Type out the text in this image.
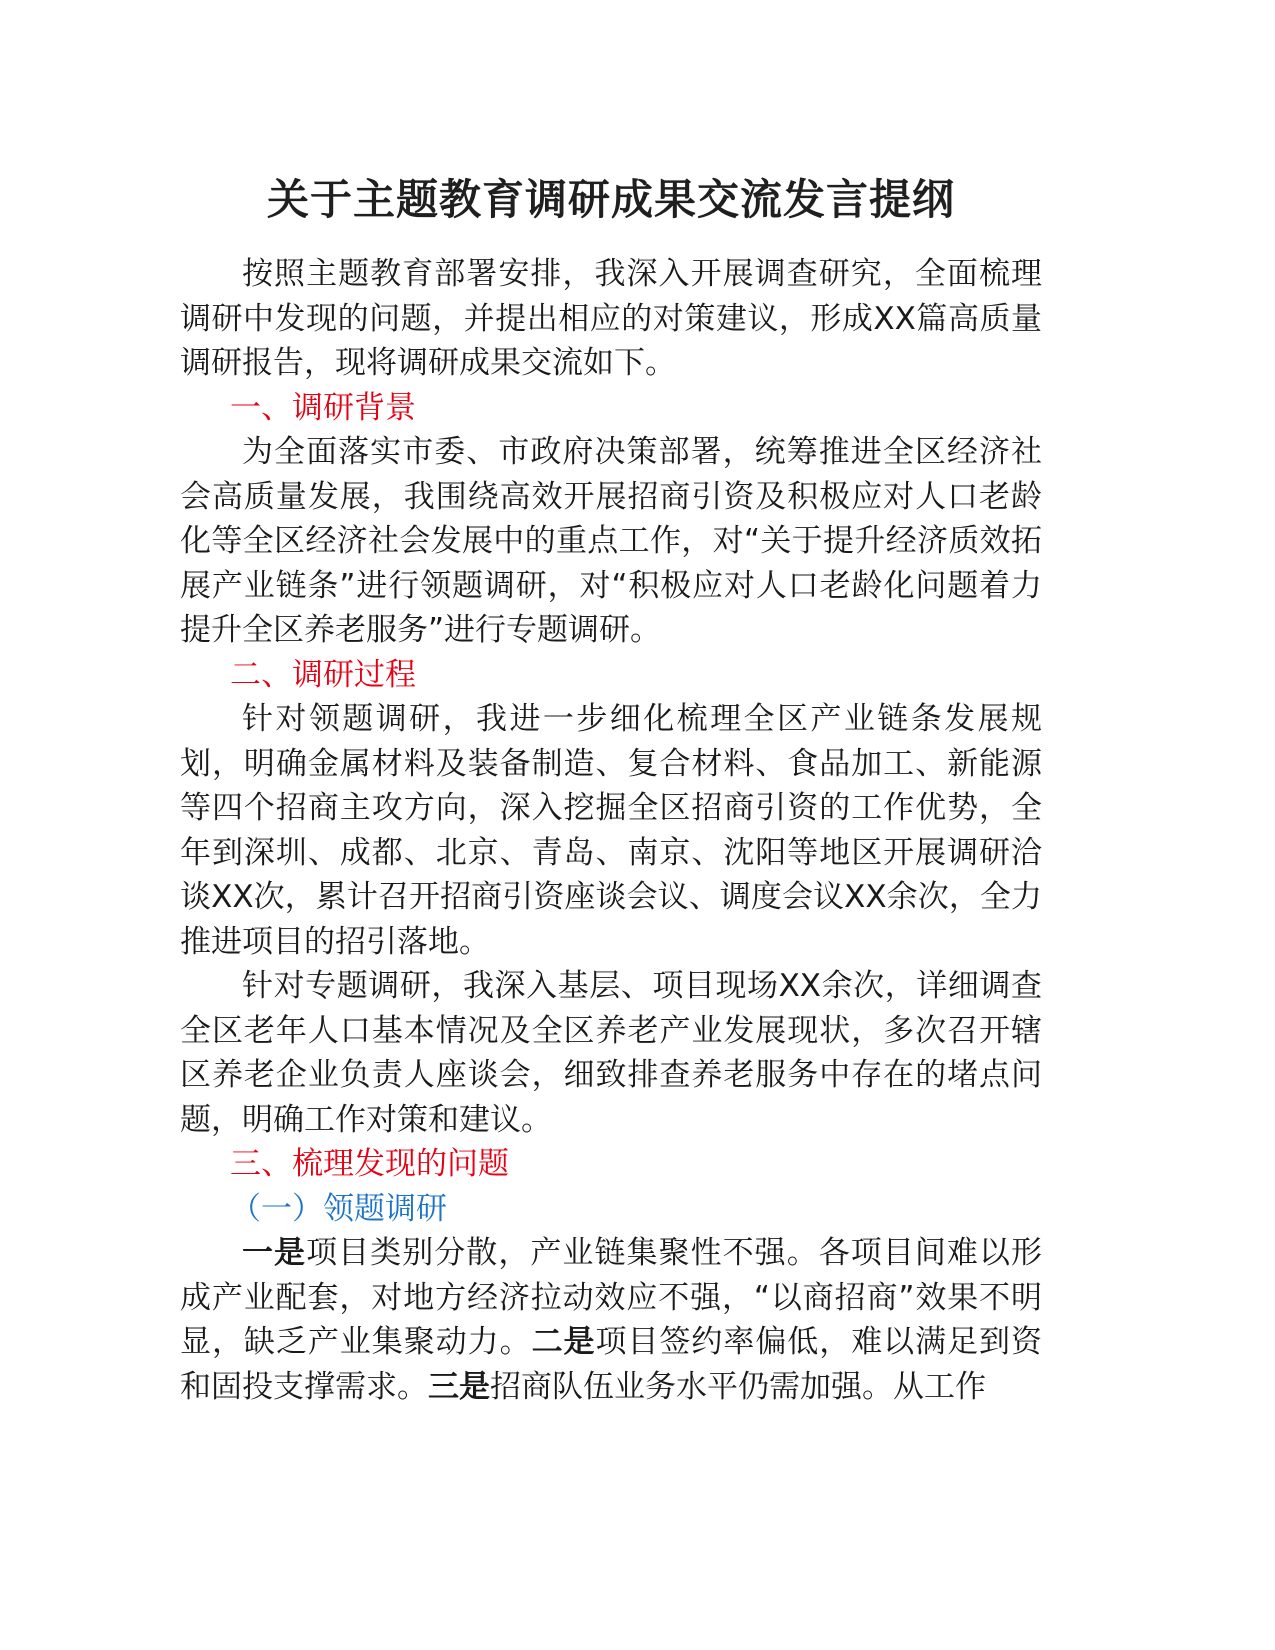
关于主题教育调研成果交流发言提纲

按照主题教育部署安排，我深入开展调查研究，全面梳理调研中发现的问题，并提出相应的对策建议，形成XX篇高质量调研报告，现将调研成果交流如下。

一、调研背景

为全面落实市委、市政府决策部署，统筹推进全区经济社会高质量发展，我围绕高效开展招商引资及积极应对人口老龄化等全区经济社会发展中的重点工作，对“关于提升经济质效拓展产业链条”进行领题调研，对“积极应对人口老龄化问题着力提升全区养老服务”进行专题调研。

二、调研过程

针对领题调研，我进一步细化梳理全区产业链条发展规划，明确金属材料及装备制造、复合材料、食品加工、新能源等四个招商主攻方向，深入挖掘全区招商引资的工作优势，全年到深圳、成都、北京、青岛、南京、沈阳等地区开展调研洽谈XX次，累计召开招商引资座谈会议、调度会议XX余次，全力推进项目的招引落地。

针对专题调研，我深入基层、项目现场XX余次，详细调查全区老年人口基本情况及全区养老产业发展现状，多次召开辖区养老企业负责人座谈会，细致排查养老服务中存在的堵点问题，明确工作对策和建议。

三、梳理发现的问题

（一）领题调研

一是项目类别分散，产业链集聚性不强。各项目间难以形成产业配套，对地方经济拉动效应不强，“以商招商”效果不明显，缺乏产业集聚动力。二是项目签约率偏低，难以满足到资和固投支撑需求。三是招商队伍业务水平仍需加强。从工作
